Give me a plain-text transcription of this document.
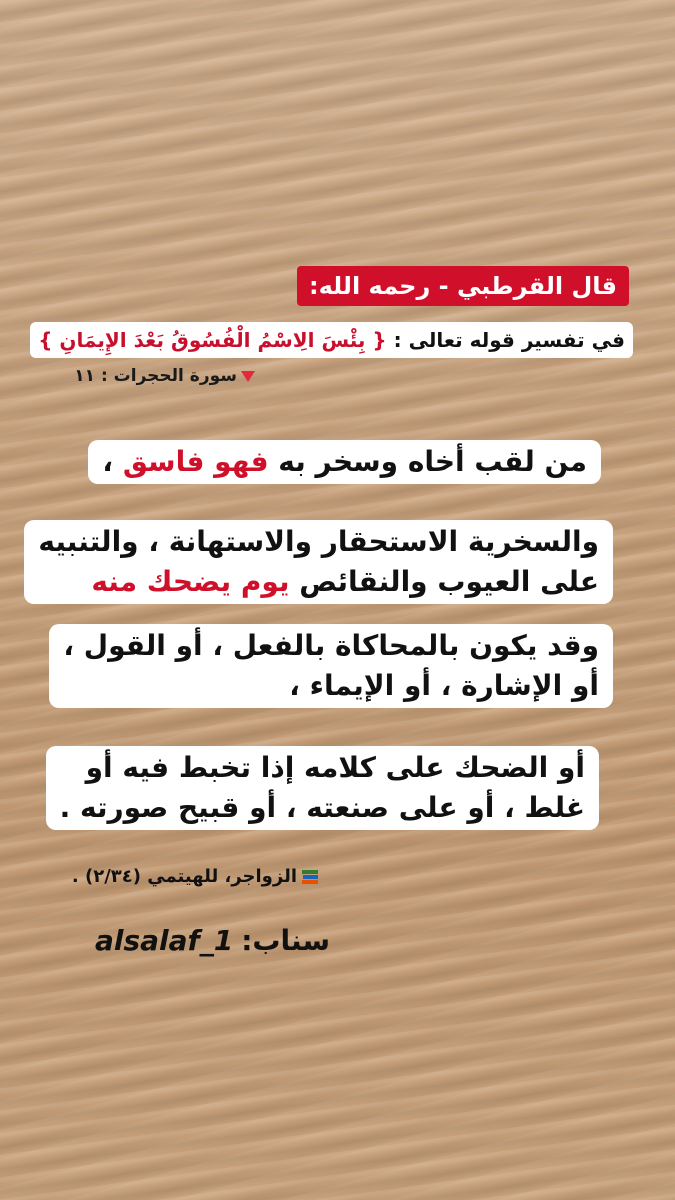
قال القرطبي - رحمه الله:
في تفسير قوله تعالى : { بِئْسَ الِاسْمُ الْفُسُوقُ بَعْدَ الإِيمَانِ }
سورة الحجرات : ١١
من لقب أخاه وسخر به فهو فاسق ،
والسخرية الاستحقار والاستهانة ، والتنبيه
على العيوب والنقائص يوم يضحك منه
وقد يكون بالمحاكاة بالفعل ، أو القول ،
أو الإشارة ، أو الإيماء ،
أو الضحك على كلامه إذا تخبط فيه أو
غلط ، أو على صنعته ، أو قبيح صورته .
الزواجر، للهيتمي (٢/٣٤) .
سناب:alsalaf_1
